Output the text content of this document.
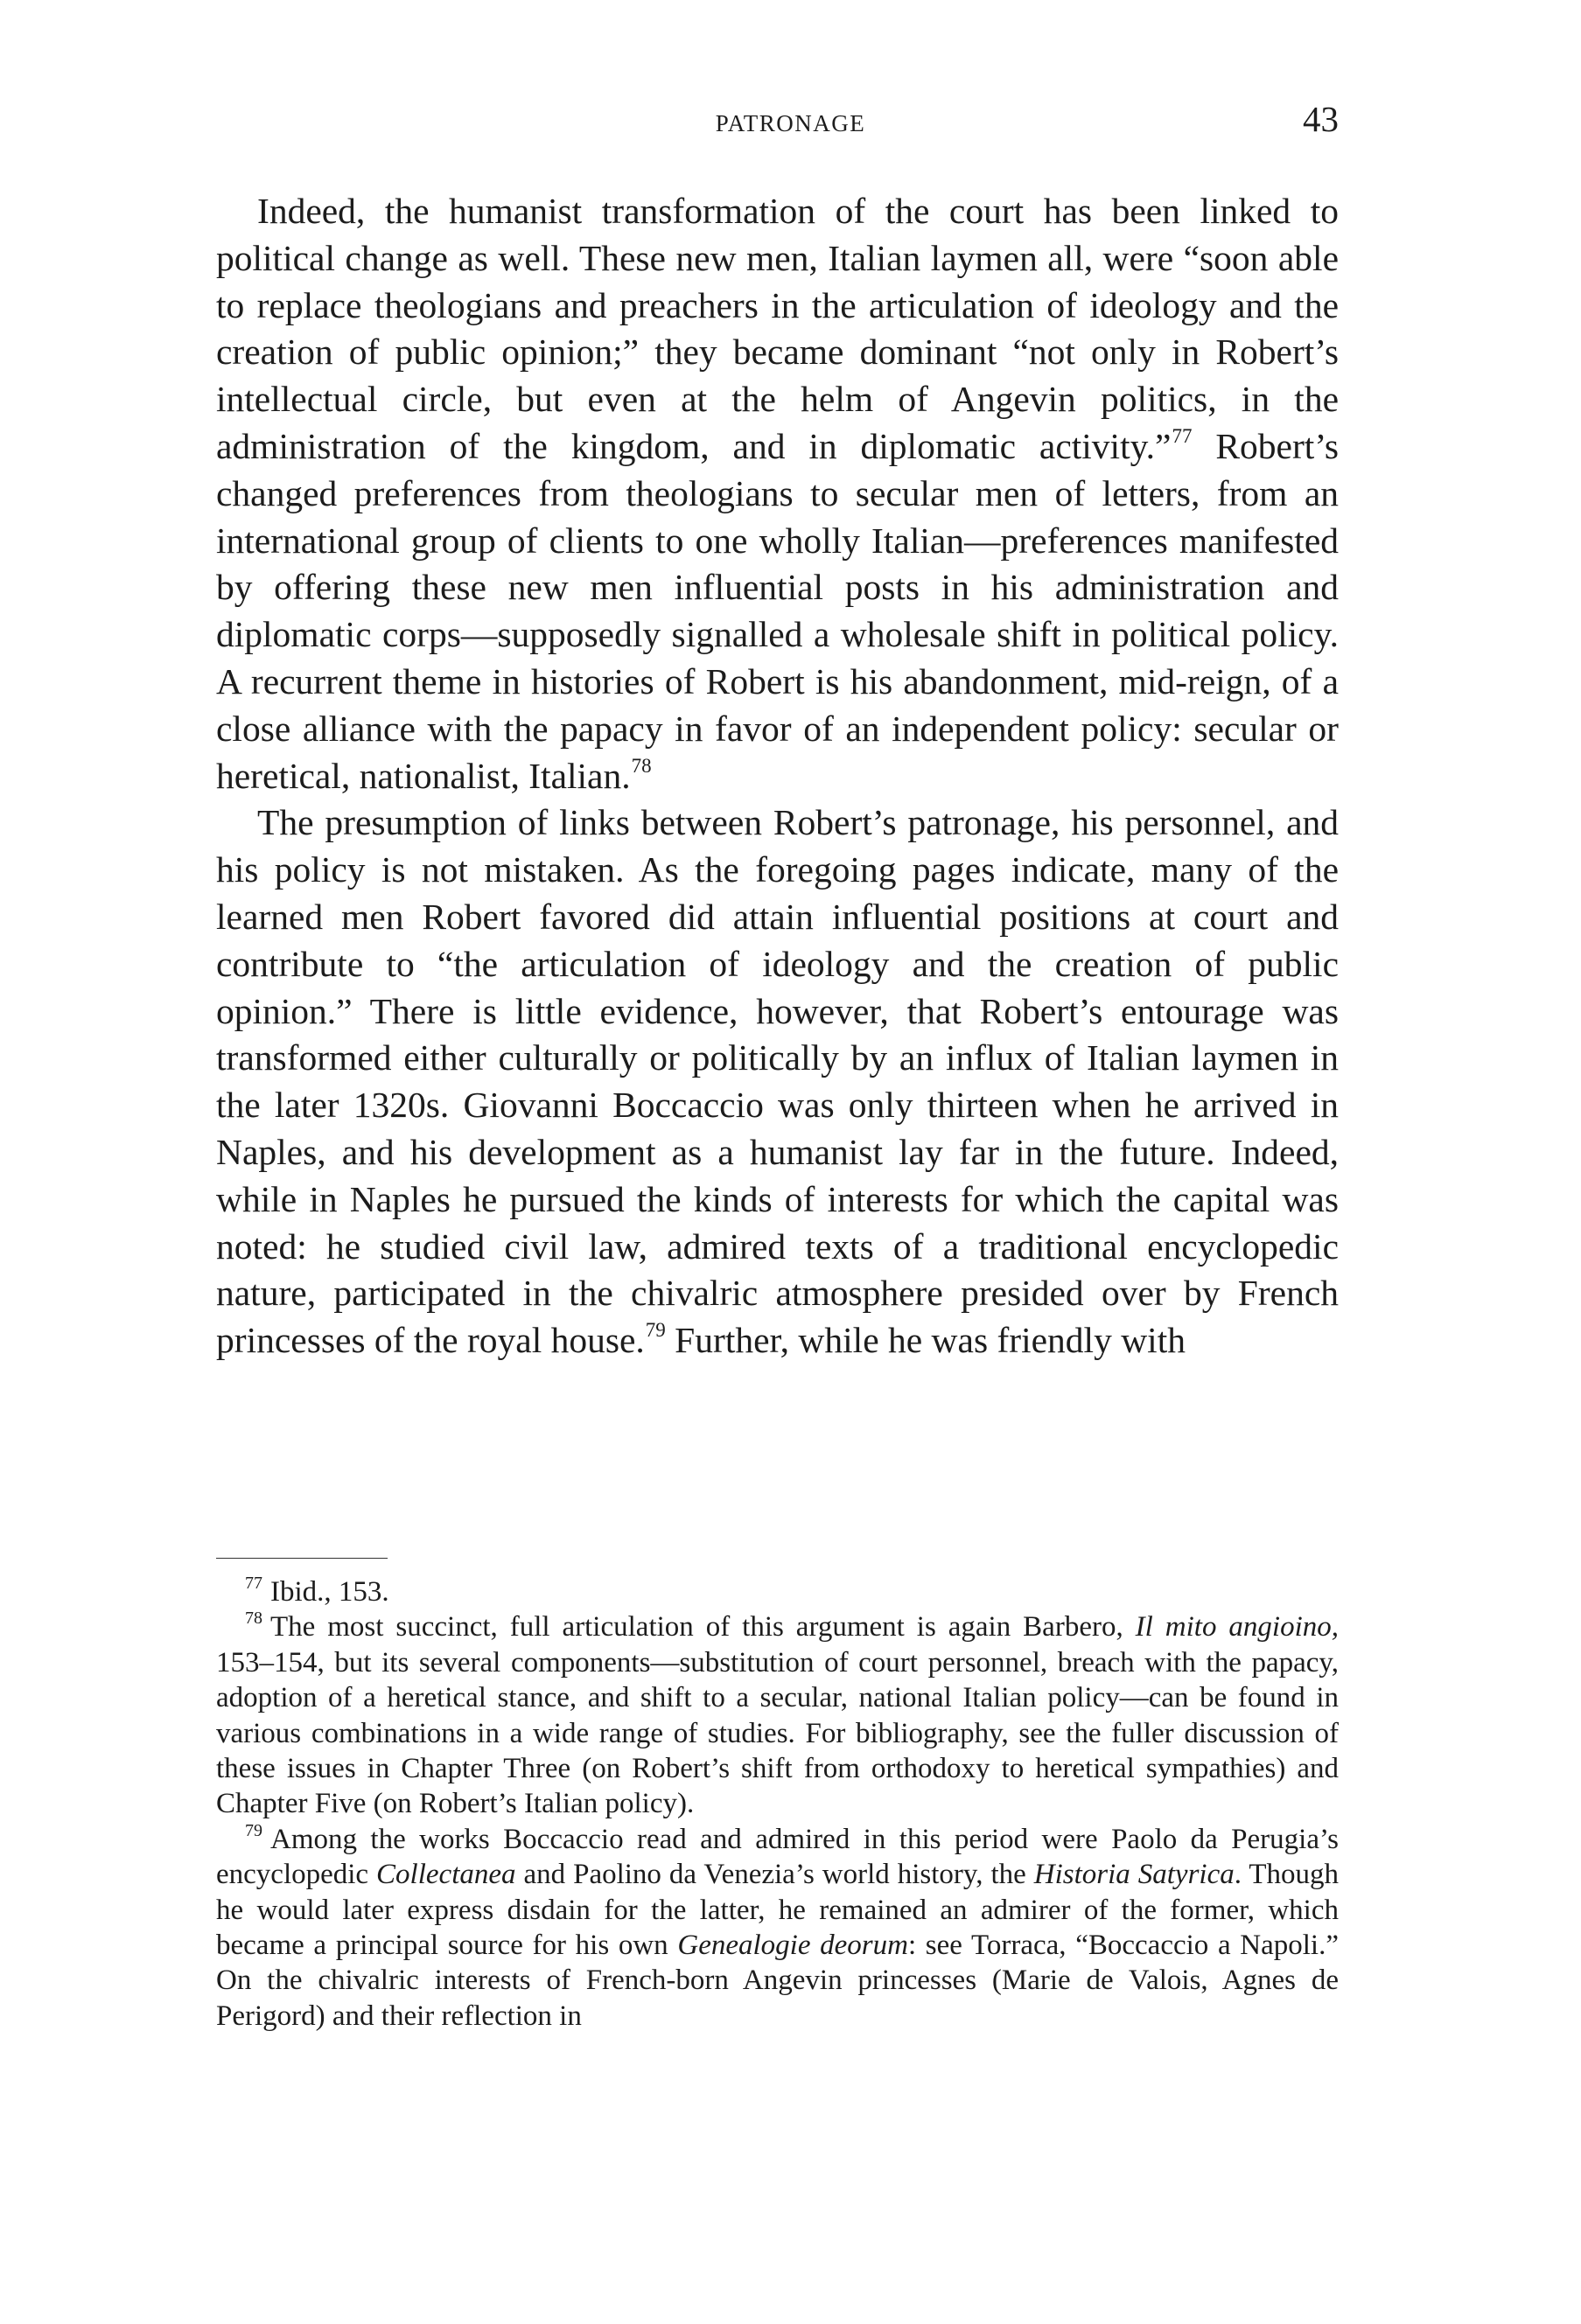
PATRONAGE	43

Indeed, the humanist transformation of the court has been linked to political change as well. These new men, Italian laymen all, were “soon able to replace theologians and preachers in the articulation of ideology and the creation of public opinion;” they became dominant “not only in Robert’s intellectual circle, but even at the helm of Angevin politics, in the administration of the kingdom, and in diplomatic activity.”$^{77}$ Robert’s changed preferences from theologians to secular men of letters, from an international group of clients to one wholly Italian—preferences manifested by offering these new men influential posts in his administration and diplomatic corps—supposedly signalled a wholesale shift in political policy. A recurrent theme in histories of Robert is his abandonment, mid-reign, of a close alliance with the papacy in favor of an independent policy: secular or heretical, nationalist, Italian.$^{78}$

The presumption of links between Robert’s patronage, his personnel, and his policy is not mistaken. As the foregoing pages indicate, many of the learned men Robert favored did attain influential positions at court and contribute to “the articulation of ideology and the creation of public opinion.” There is little evidence, however, that Robert’s entourage was transformed either culturally or politically by an influx of Italian laymen in the later 1320s. Giovanni Boccaccio was only thirteen when he arrived in Naples, and his development as a humanist lay far in the future. Indeed, while in Naples he pursued the kinds of interests for which the capital was noted: he studied civil law, admired texts of a traditional encyclopedic nature, participated in the chivalric atmosphere presided over by French princesses of the royal house.$^{79}$ Further, while he was friendly with

$^{77}$ Ibid., 153.

$^{78}$ The most succinct, full articulation of this argument is again Barbero, Il mito angioino, 153–154, but its several components—substitution of court personnel, breach with the papacy, adoption of a heretical stance, and shift to a secular, national Italian policy—can be found in various combinations in a wide range of studies. For bibliography, see the fuller discussion of these issues in Chapter Three (on Robert’s shift from orthodoxy to heretical sympathies) and Chapter Five (on Robert’s Italian policy).

$^{79}$ Among the works Boccaccio read and admired in this period were Paolo da Perugia’s encyclopedic Collectanea and Paolino da Venezia’s world history, the Historia Satyrica. Though he would later express disdain for the latter, he remained an admirer of the former, which became a principal source for his own Genealogie deorum: see Torraca, “Boccaccio a Napoli.” On the chivalric interests of French-born Angevin princesses (Marie de Valois, Agnes de Perigord) and their reflection in
